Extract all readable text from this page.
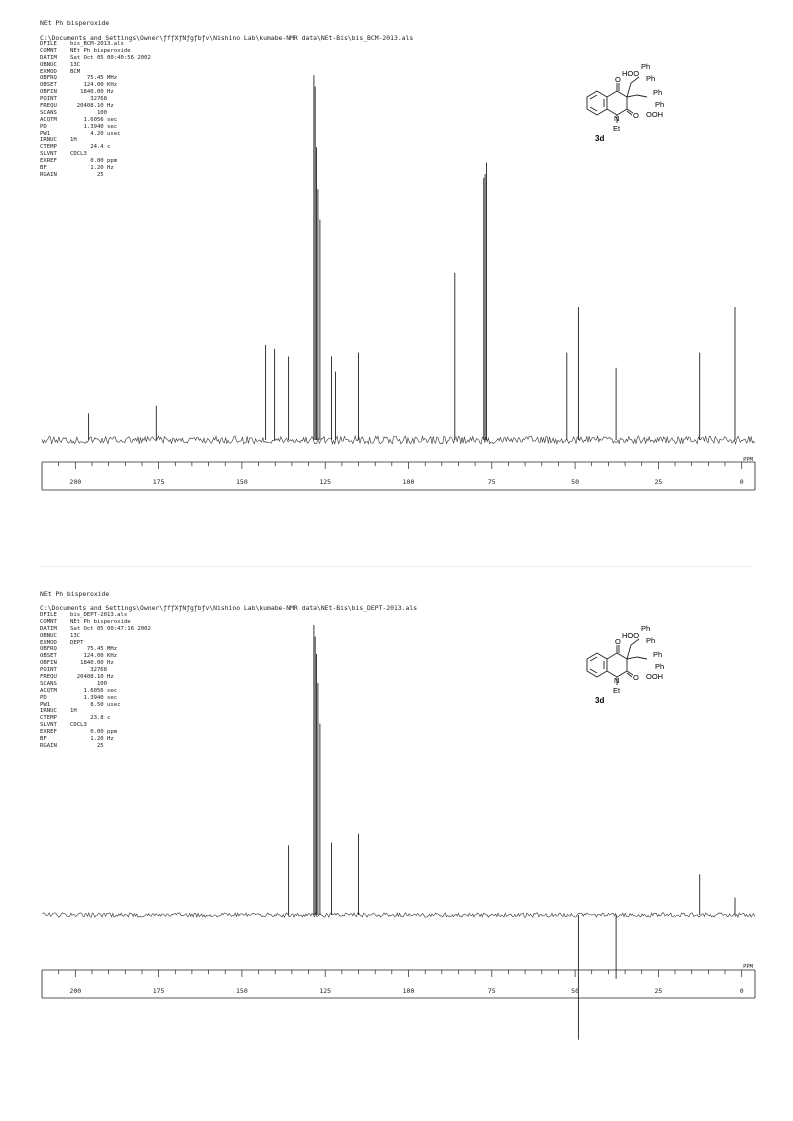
NEt Ph bisperoxide
C:\Documents and Settings\Owner\ƒfƒXƒNƒgƒbƒv\Nishino Lab\kumabe-NMR data\NEt-Bis\bis_BCM-2013.als
DFILE bis_BCM-2013.als
COMNT NEt Ph bisperoxide
DATIM Sat Oct 05 00:40:56 2002
OBNUC 13C
EXMOD BCM
OBFRQ     75.45 MHz
OBSET    124.00 KHz
OBFIN   1840.00 Hz
POINT      32768
FREQU  20408.10 Hz
SCANS        100
ACQTM    1.6056 sec
PD	1.3940 sec
PW1	4.20 usec
IRNUC 1H
CTEMP      24.4 c
SLVNT CDCL3
EXREF      0.00 ppm
BF	1.20 Hz
RGAIN        25
HOO
Ph
Ph
Ph
Ph
OOH
O
O
N
Et
3d
200	175	150	125	100	75	50	25	0
PPM
NEt Ph bisperoxide
C:\Documents and Settings\Owner\ƒfƒXƒNƒgƒbƒv\Nishino Lab\kumabe-NMR data\NEt-Bis\bis_DEPT-2013.als
DFILE bis_DEPT-2013.als
COMNT NEt Ph bisperoxide
DATIM Sat Oct 05 00:47:16 2002
OBNUC 13C
EXMOD DEPT
OBFRQ     75.45 MHz
OBSET    124.00 KHz
OBFIN   1840.00 Hz
POINT      32768
FREQU  20408.10 Hz
SCANS        100
ACQTM    1.6056 sec
PD	1.3940 sec
PW1	8.50 usec
IRNUC 1H
CTEMP      23.8 c
SLVNT CDCL3
EXREF      0.00 ppm
BF	1.20 Hz
RGAIN        25
HOO
Ph
Ph
Ph
Ph
OOH
O
O
N
Et
3d
200	175	150	125	100	75	50	25	0
PPM
